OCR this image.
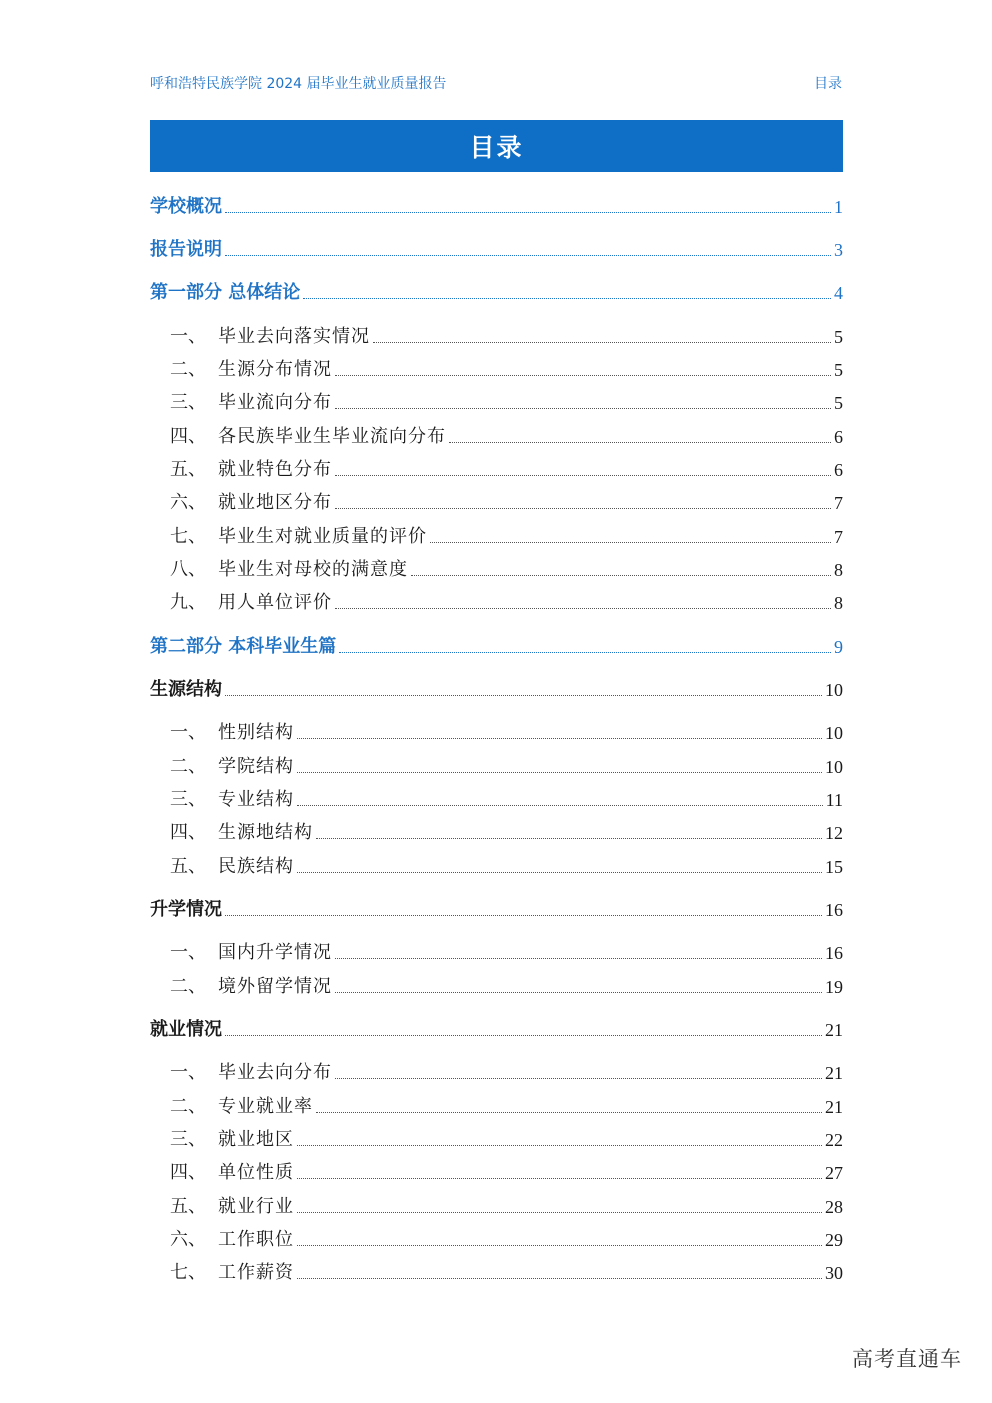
呼和浩特民族学院 2024 届毕业生就业质量报告	目录
目录
学校概况	1
报告说明	3
第一部分 总体结论	4
一、 毕业去向落实情况	5
二、 生源分布情况	5
三、 毕业流向分布	5
四、 各民族毕业生毕业流向分布	6
五、 就业特色分布	6
六、 就业地区分布	7
七、 毕业生对就业质量的评价	7
八、 毕业生对母校的满意度	8
九、 用人单位评价	8
第二部分 本科毕业生篇	9
生源结构	10
一、 性别结构	10
二、 学院结构	10
三、 专业结构	11
四、 生源地结构	12
五、 民族结构	15
升学情况	16
一、 国内升学情况	16
二、 境外留学情况	19
就业情况	21
一、 毕业去向分布	21
二、 专业就业率	21
三、 就业地区	22
四、 单位性质	27
五、 就业行业	28
六、 工作职位	29
七、 工作薪资	30
高考直通车
